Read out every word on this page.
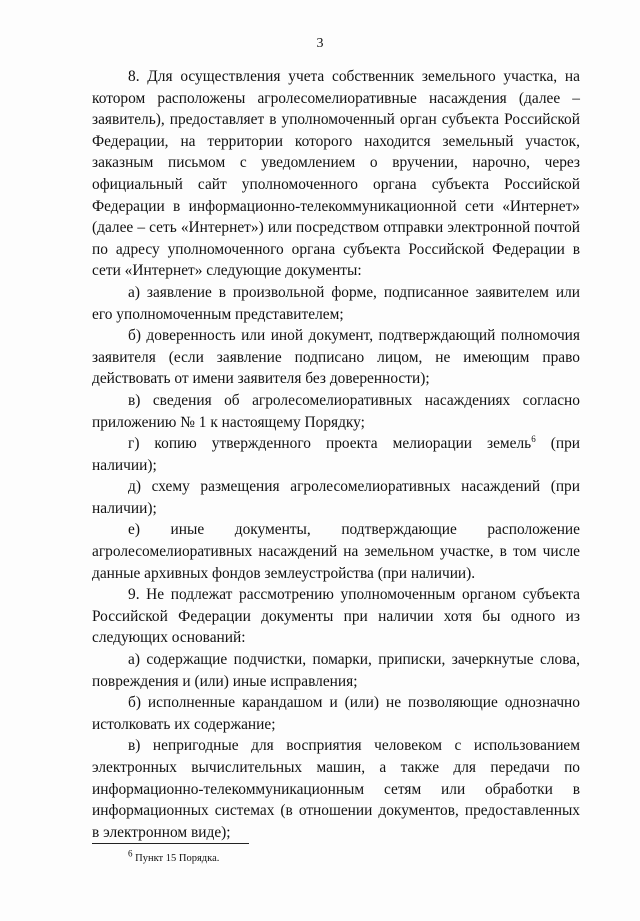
3

8. Для осуществления учета собственник земельного участка, на котором расположены агролесомелиоративные насаждения (далее – заявитель), предоставляет в уполномоченный орган субъекта Российской Федерации, на территории которого находится земельный участок, заказным письмом с уведомлением о вручении, нарочно, через официальный сайт уполномоченного органа субъекта Российской Федерации в информационно-телекоммуникационной сети «Интернет» (далее – сеть «Интернет») или посредством отправки электронной почтой по адресу уполномоченного органа субъекта Российской Федерации в сети «Интернет» следующие документы:

а) заявление в произвольной форме, подписанное заявителем или его уполномоченным представителем;

б) доверенность или иной документ, подтверждающий полномочия заявителя (если заявление подписано лицом, не имеющим право действовать от имени заявителя без доверенности);

в) сведения об агролесомелиоративных насаждениях согласно приложению № 1 к настоящему Порядку;

г) копию утвержденного проекта мелиорации земель$^6$ (при наличии);

д) схему размещения агролесомелиоративных насаждений (при наличии);

е) иные документы, подтверждающие расположение агролесомелиоративных насаждений на земельном участке, в том числе данные архивных фондов землеустройства (при наличии).

9. Не подлежат рассмотрению уполномоченным органом субъекта Российской Федерации документы при наличии хотя бы одного из следующих оснований:

а) содержащие подчистки, помарки, приписки, зачеркнутые слова, повреждения и (или) иные исправления;

б) исполненные карандашом и (или) не позволяющие однозначно истолковать их содержание;

в) непригодные для восприятия человеком с использованием электронных вычислительных машин, а также для передачи по информационно-телекоммуникационным сетям или обработки в информационных системах (в отношении документов, предоставленных в электронном виде);

$^6$ Пункт 15 Порядка.
